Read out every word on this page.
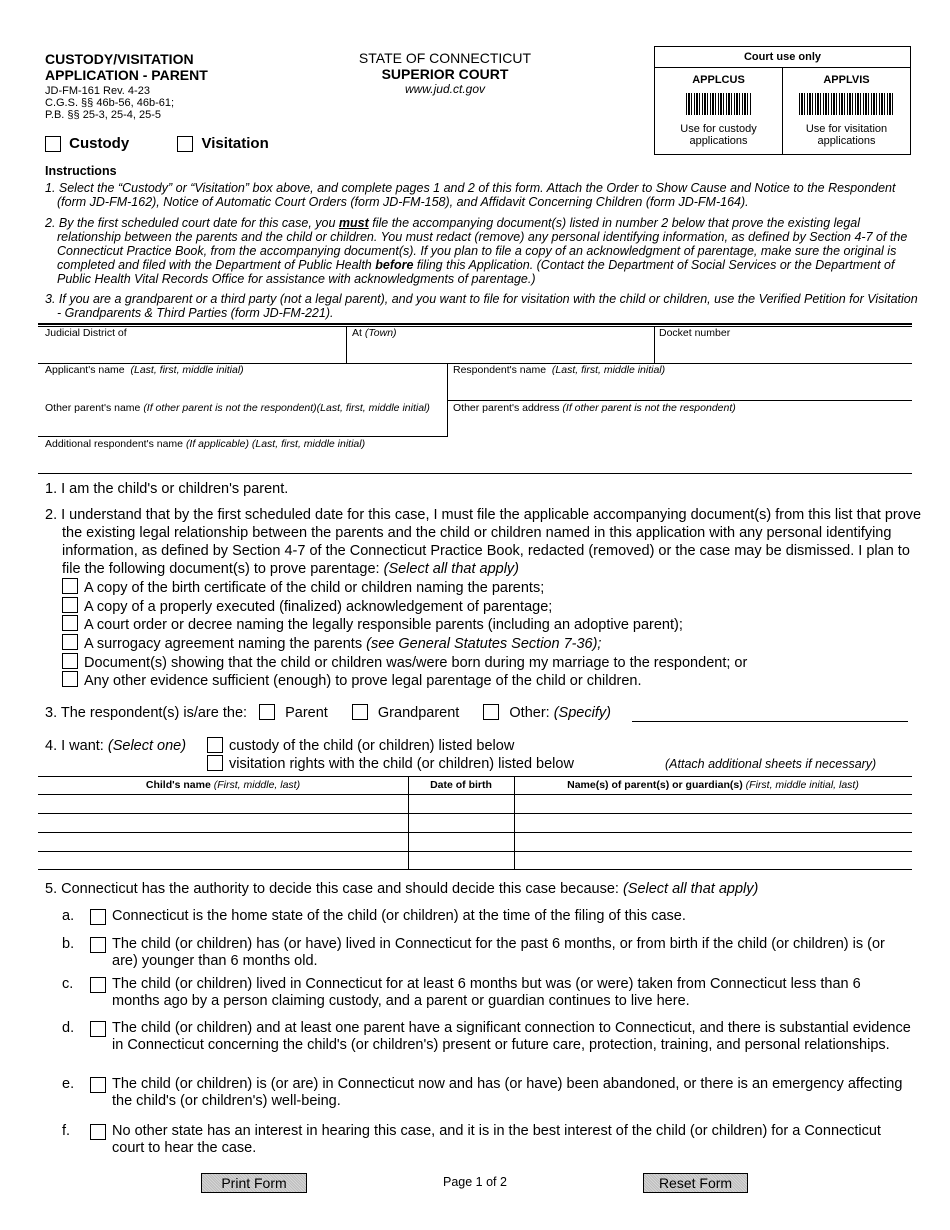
CUSTODY/VISITATION
APPLICATION - PARENT
JD-FM-161 Rev. 4-23
C.G.S. §§ 46b-56, 46b-61;
P.B. §§ 25-3, 25-4, 25-5
STATE OF CONNECTICUT
SUPERIOR COURT
www.jud.ct.gov
Court use only
APPLCUS
Use for custody applications
APPLVIS
Use for visitation applications
Custody	Visitation
Instructions
1. Select the “Custody” or “Visitation” box above, and complete pages 1 and 2 of this form. Attach the Order to Show Cause and Notice to the Respondent (form JD-FM-162), Notice of Automatic Court Orders (form JD-FM-158), and Affidavit Concerning Children (form JD-FM-164).
2. By the first scheduled court date for this case, you must file the accompanying document(s) listed in number 2 below that prove the existing legal relationship between the parents and the child or children. You must redact (remove) any personal identifying information, as defined by Section 4-7 of the Connecticut Practice Book, from the accompanying document(s). If you plan to file a copy of an acknowledgment of parentage, make sure the original is completed and filed with the Department of Public Health before filing this Application. (Contact the Department of Social Services or the Department of Public Health Vital Records Office for assistance with acknowledgments of parentage.)
3. If you are a grandparent or a third party (not a legal parent), and you want to file for visitation with the child or children, use the Verified Petition for Visitation - Grandparents & Third Parties (form JD-FM-221).
Judicial District of	At (Town)	Docket number
Applicant's name (Last, first, middle initial)	Respondent's name (Last, first, middle initial)
Other parent's name (If other parent is not the respondent)(Last, first, middle initial) Other parent's address (If other parent is not the respondent)
Additional respondent's name (If applicable) (Last, first, middle initial)
1. I am the child's or children's parent.
2. I understand that by the first scheduled date for this case, I must file the applicable accompanying document(s) from this list that prove the existing legal relationship between the parents and the child or children named in this application with any personal identifying information, as defined by Section 4-7 of the Connecticut Practice Book, redacted (removed) or the case may be dismissed. I plan to file the following document(s) to prove parentage: (Select all that apply)
A copy of the birth certificate of the child or children naming the parents;
A copy of a properly executed (finalized) acknowledgement of parentage;
A court order or decree naming the legally responsible parents (including an adoptive parent);
A surrogacy agreement naming the parents (see General Statutes Section 7-36);
Document(s) showing that the child or children was/were born during my marriage to the respondent; or
Any other evidence sufficient (enough) to prove legal parentage of the child or children.
3. The respondent(s) is/are the:	Parent	Grandparent	Other: (Specify)
4. I want: (Select one)	custody of the child (or children) listed below
visitation rights with the child (or children) listed below	(Attach additional sheets if necessary)
Child's name (First, middle, last)	Date of birth	Name(s) of parent(s) or guardian(s) (First, middle initial, last)
5. Connecticut has the authority to decide this case and should decide this case because: (Select all that apply)
a.	Connecticut is the home state of the child (or children) at the time of the filing of this case.
b.	The child (or children) has (or have) lived in Connecticut for the past 6 months, or from birth if the child (or children) is (or are) younger than 6 months old.
c.	The child (or children) lived in Connecticut for at least 6 months but was (or were) taken from Connecticut less than 6 months ago by a person claiming custody, and a parent or guardian continues to live here.
d.	The child (or children) and at least one parent have a significant connection to Connecticut, and there is substantial evidence in Connecticut concerning the child's (or children's) present or future care, protection, training, and personal relationships.
e.	The child (or children) is (or are) in Connecticut now and has (or have) been abandoned, or there is an emergency affecting the child's (or children's) well-being.
f.	No other state has an interest in hearing this case, and it is in the best interest of the child (or children) for a Connecticut court to hear the case.
Print Form	Page 1 of 2	Reset Form
